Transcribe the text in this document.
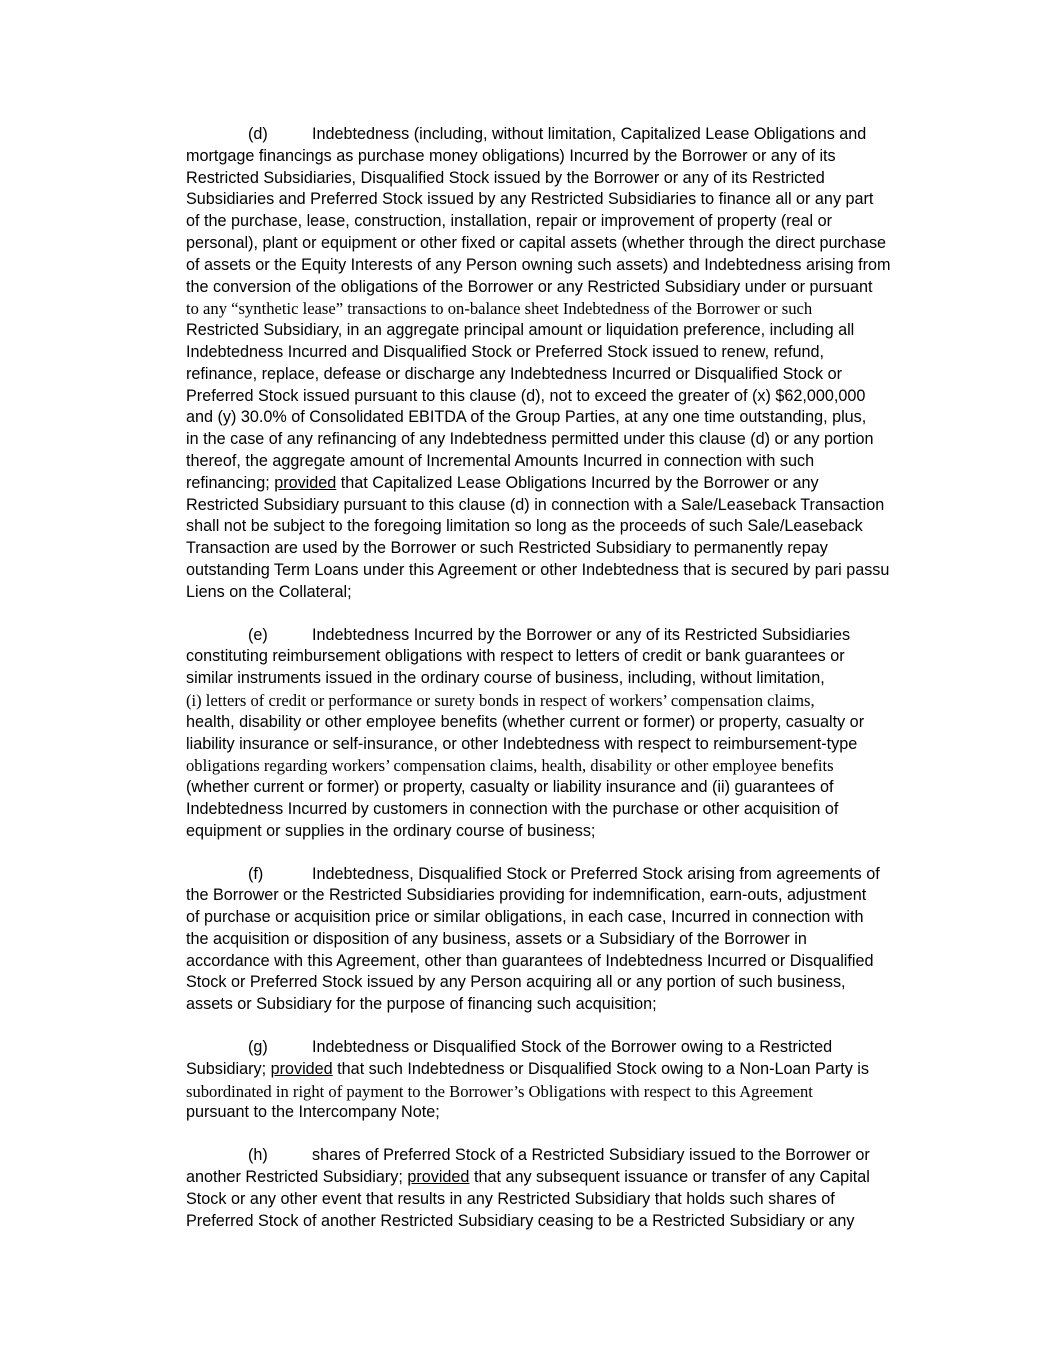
(d)	Indebtedness (including, without limitation, Capitalized Lease Obligations and
mortgage financings as purchase money obligations) Incurred by the Borrower or any of its
Restricted Subsidiaries, Disqualified Stock issued by the Borrower or any of its Restricted
Subsidiaries and Preferred Stock issued by any Restricted Subsidiaries to finance all or any part
of the purchase, lease, construction, installation, repair or improvement of property (real or
personal), plant or equipment or other fixed or capital assets (whether through the direct purchase
of assets or the Equity Interests of any Person owning such assets) and Indebtedness arising from
the conversion of the obligations of the Borrower or any Restricted Subsidiary under or pursuant
to any “synthetic lease” transactions to on-balance sheet Indebtedness of the Borrower or such
Restricted Subsidiary, in an aggregate principal amount or liquidation preference, including all
Indebtedness Incurred and Disqualified Stock or Preferred Stock issued to renew, refund,
refinance, replace, defease or discharge any Indebtedness Incurred or Disqualified Stock or
Preferred Stock issued pursuant to this clause (d), not to exceed the greater of (x) $62,000,000
and (y) 30.0% of Consolidated EBITDA of the Group Parties, at any one time outstanding, plus,
in the case of any refinancing of any Indebtedness permitted under this clause (d) or any portion
thereof, the aggregate amount of Incremental Amounts Incurred in connection with such
refinancing; provided that Capitalized Lease Obligations Incurred by the Borrower or any
Restricted Subsidiary pursuant to this clause (d) in connection with a Sale/Leaseback Transaction
shall not be subject to the foregoing limitation so long as the proceeds of such Sale/Leaseback
Transaction are used by the Borrower or such Restricted Subsidiary to permanently repay
outstanding Term Loans under this Agreement or other Indebtedness that is secured by pari passu
Liens on the Collateral;
(e)	Indebtedness Incurred by the Borrower or any of its Restricted Subsidiaries
constituting reimbursement obligations with respect to letters of credit or bank guarantees or
similar instruments issued in the ordinary course of business, including, without limitation,
(i) letters of credit or performance or surety bonds in respect of workers’ compensation claims,
health, disability or other employee benefits (whether current or former) or property, casualty or
liability insurance or self-insurance, or other Indebtedness with respect to reimbursement-type
obligations regarding workers’ compensation claims, health, disability or other employee benefits
(whether current or former) or property, casualty or liability insurance and (ii) guarantees of
Indebtedness Incurred by customers in connection with the purchase or other acquisition of
equipment or supplies in the ordinary course of business;
(f)	Indebtedness, Disqualified Stock or Preferred Stock arising from agreements of
the Borrower or the Restricted Subsidiaries providing for indemnification, earn-outs, adjustment
of purchase or acquisition price or similar obligations, in each case, Incurred in connection with
the acquisition or disposition of any business, assets or a Subsidiary of the Borrower in
accordance with this Agreement, other than guarantees of Indebtedness Incurred or Disqualified
Stock or Preferred Stock issued by any Person acquiring all or any portion of such business,
assets or Subsidiary for the purpose of financing such acquisition;
(g)	Indebtedness or Disqualified Stock of the Borrower owing to a Restricted
Subsidiary; provided that such Indebtedness or Disqualified Stock owing to a Non-Loan Party is
subordinated in right of payment to the Borrower’s Obligations with respect to this Agreement
pursuant to the Intercompany Note;
(h)	shares of Preferred Stock of a Restricted Subsidiary issued to the Borrower or
another Restricted Subsidiary; provided that any subsequent issuance or transfer of any Capital
Stock or any other event that results in any Restricted Subsidiary that holds such shares of
Preferred Stock of another Restricted Subsidiary ceasing to be a Restricted Subsidiary or any
